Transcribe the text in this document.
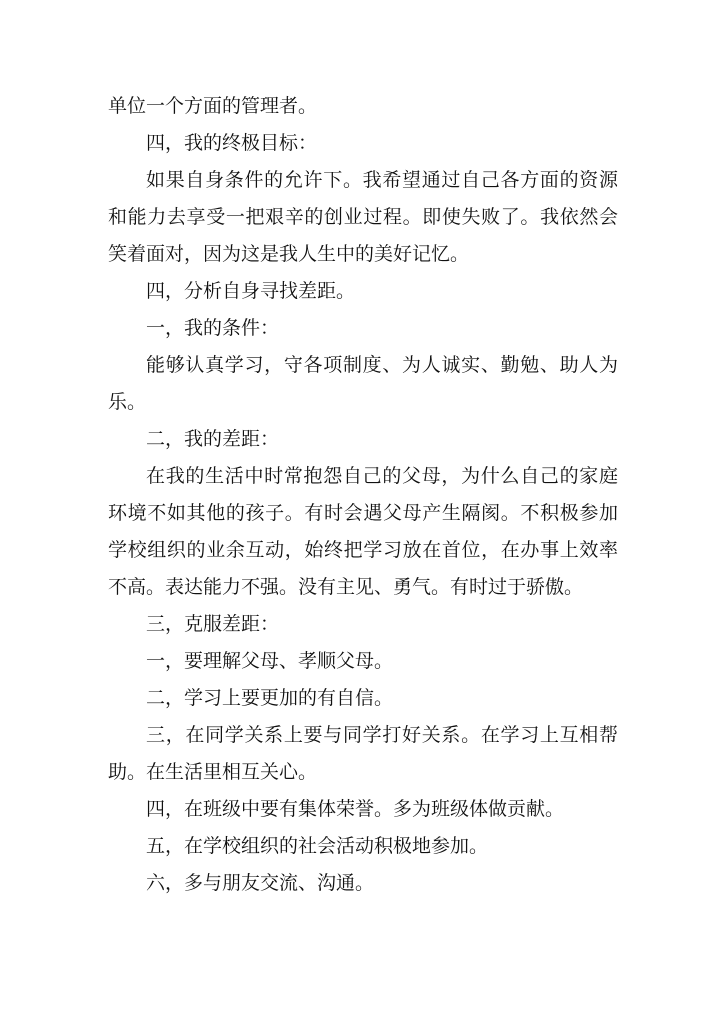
单位一个方面的管理者。

四，我的终极目标：

如果自身条件的允许下。我希望通过自己各方面的资源和能力去享受一把艰辛的创业过程。即使失败了。我依然会笑着面对，因为这是我人生中的美好记忆。

四，分析自身寻找差距。

一，我的条件：

能够认真学习，守各项制度、为人诚实、勤勉、助人为乐。

二，我的差距：

在我的生活中时常抱怨自己的父母，为什么自己的家庭环境不如其他的孩子。有时会遇父母产生隔阂。不积极参加学校组织的业余互动，始终把学习放在首位，在办事上效率不高。表达能力不强。没有主见、勇气。有时过于骄傲。

三，克服差距：

一，要理解父母、孝顺父母。

二，学习上要更加的有自信。

三，在同学关系上要与同学打好关系。在学习上互相帮助。在生活里相互关心。

四，在班级中要有集体荣誉。多为班级体做贡献。

五，在学校组织的社会活动积极地参加。

六，多与朋友交流、沟通。
